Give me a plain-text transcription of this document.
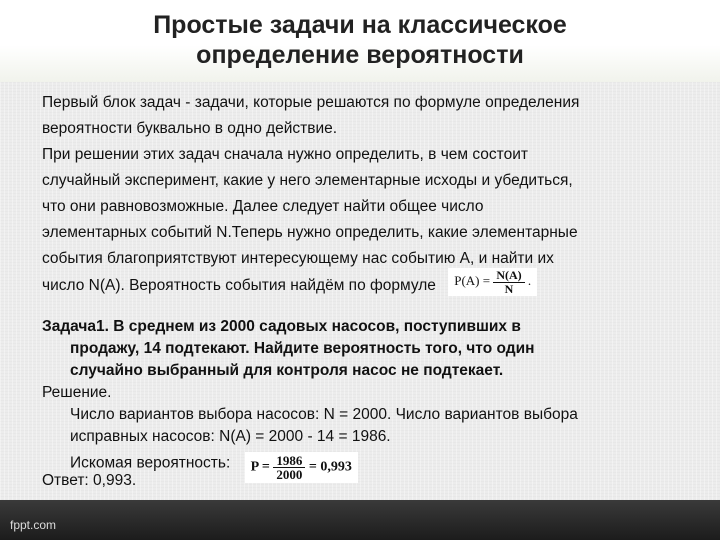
Простые задачи на классическое
определение вероятности
Первый блок задач - задачи, которые решаются по формуле определения
вероятности буквально в одно действие.
При решении этих задач сначала нужно определить, в чем состоит
случайный эксперимент, какие у него элементарные исходы и убедиться,
что они равновозможные. Далее следует найти общее число
элементарных событий N.Теперь нужно определить, какие элементарные
события благоприятствуют интересующему нас событию А, и найти их
число N(A). Вероятность события найдём по формуле $P(A) = \frac{N(A)}{N}$ .
Задача1. В среднем из 2000 садовых насосов, поступивших в
продажу, 14 подтекают. Найдите вероятность того, что один
случайно выбранный для контроля насос не подтекает.
Решение.
Число вариантов выбора насосов: N = 2000. Число вариантов выбора
исправных насосов: N(A) = 2000 - 14 = 1986.
Искомая вероятность: $P = \frac{1986}{2000} = 0,993$
Ответ: 0,993.
fppt.com
